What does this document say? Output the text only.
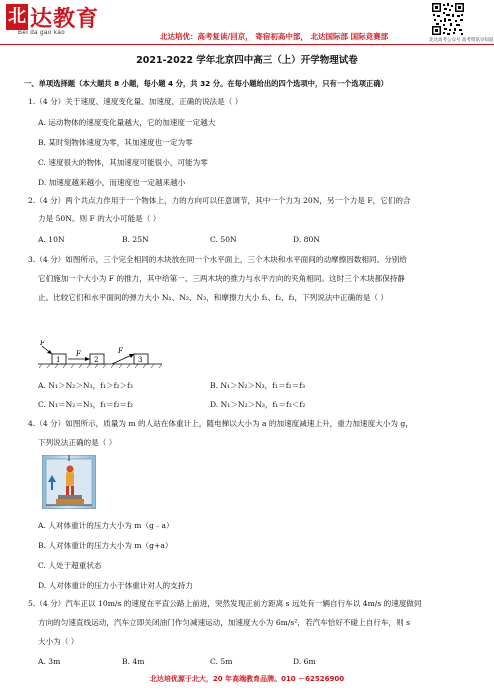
北 达教育
Bei da gao kao	北达培优：高考复读/回京， 寄宿初高中部， 北达国际部 国际竞赛部	北达高考公众号 高考资讯早知道
2021-2022 学年北京四中高三（上）开学物理试卷
一、单项选择题（本大题共 8 小题，每小题 4 分，共 32 分。在每小题给出的四个选项中，只有一个选项正确）
1.（4 分）关于速度、速度变化量、加速度，正确的说法是（ ）
A. 运动物体的速度变化量越大，它的加速度一定越大
B. 某时刻物体速度为零，其加速度也一定为零
C. 速度很大的物体，其加速度可能很小，可能为零
D. 加速度越来越小，而速度也一定越来越小
2.（4 分）两个共点力作用于一个物体上，力的方向可以任意调节，其中一个力为 20N，另一个力是 F，它们的合
力是 50N。则 F 的大小可能是（ ）
A. 10N	B. 25N	C. 50N	D. 80N
3.（4 分）如图所示，三个完全相同的木块放在同一个水平面上，三个木块和水平面间的动摩擦因数相同。分别给
它们施加一个大小为 F 的推力，其中给第一、三两木块的推力与水平方向的夹角相同。这时三个木块都保持静
止。比较它们和水平面间的弹力大小 N₁、N₂、N₃，和摩擦力大小 f₁、f₂、f₃，下列说法中正确的是（ ）
1	2	3
F
F	F
A. N₁＞N₂＞N₃，f₁＞f₂＞f₃	B. N₁＞N₂＞N₃，f₁＝f₂＝f₃
C. N₁＝N₂＝N₃，f₁＝f₂＝f₃	D. N₁＞N₂＞N₃，f₁＝f₃＜f₂
4.（4 分）如图所示，质量为 m 的人站在体重计上，随电梯以大小为 a 的加速度减速上升，重力加速度大小为 g，
下列说法正确的是（ ）
A. 人对体重计的压力大小为 m（g﹣a）
B. 人对体重计的压力大小为 m（g+a）
C. 人处于超重状态
D. 人对体重计的压力小于体重计对人的支持力
5.（4 分）汽车正以 10m/s 的速度在平直公路上前进，突然发现正前方距离 s 远处有一辆自行车以 4m/s 的速度做同
方向的匀速直线运动，汽车立即关闭油门作匀减速运动，加速度大小为 6m/s²，若汽车恰好不碰上自行车，则 s
大小为（ ）
A. 3m	B. 4m	C. 5m	D. 6m
北达培优源于北大，20 年高端教育品牌。010 －62526900
